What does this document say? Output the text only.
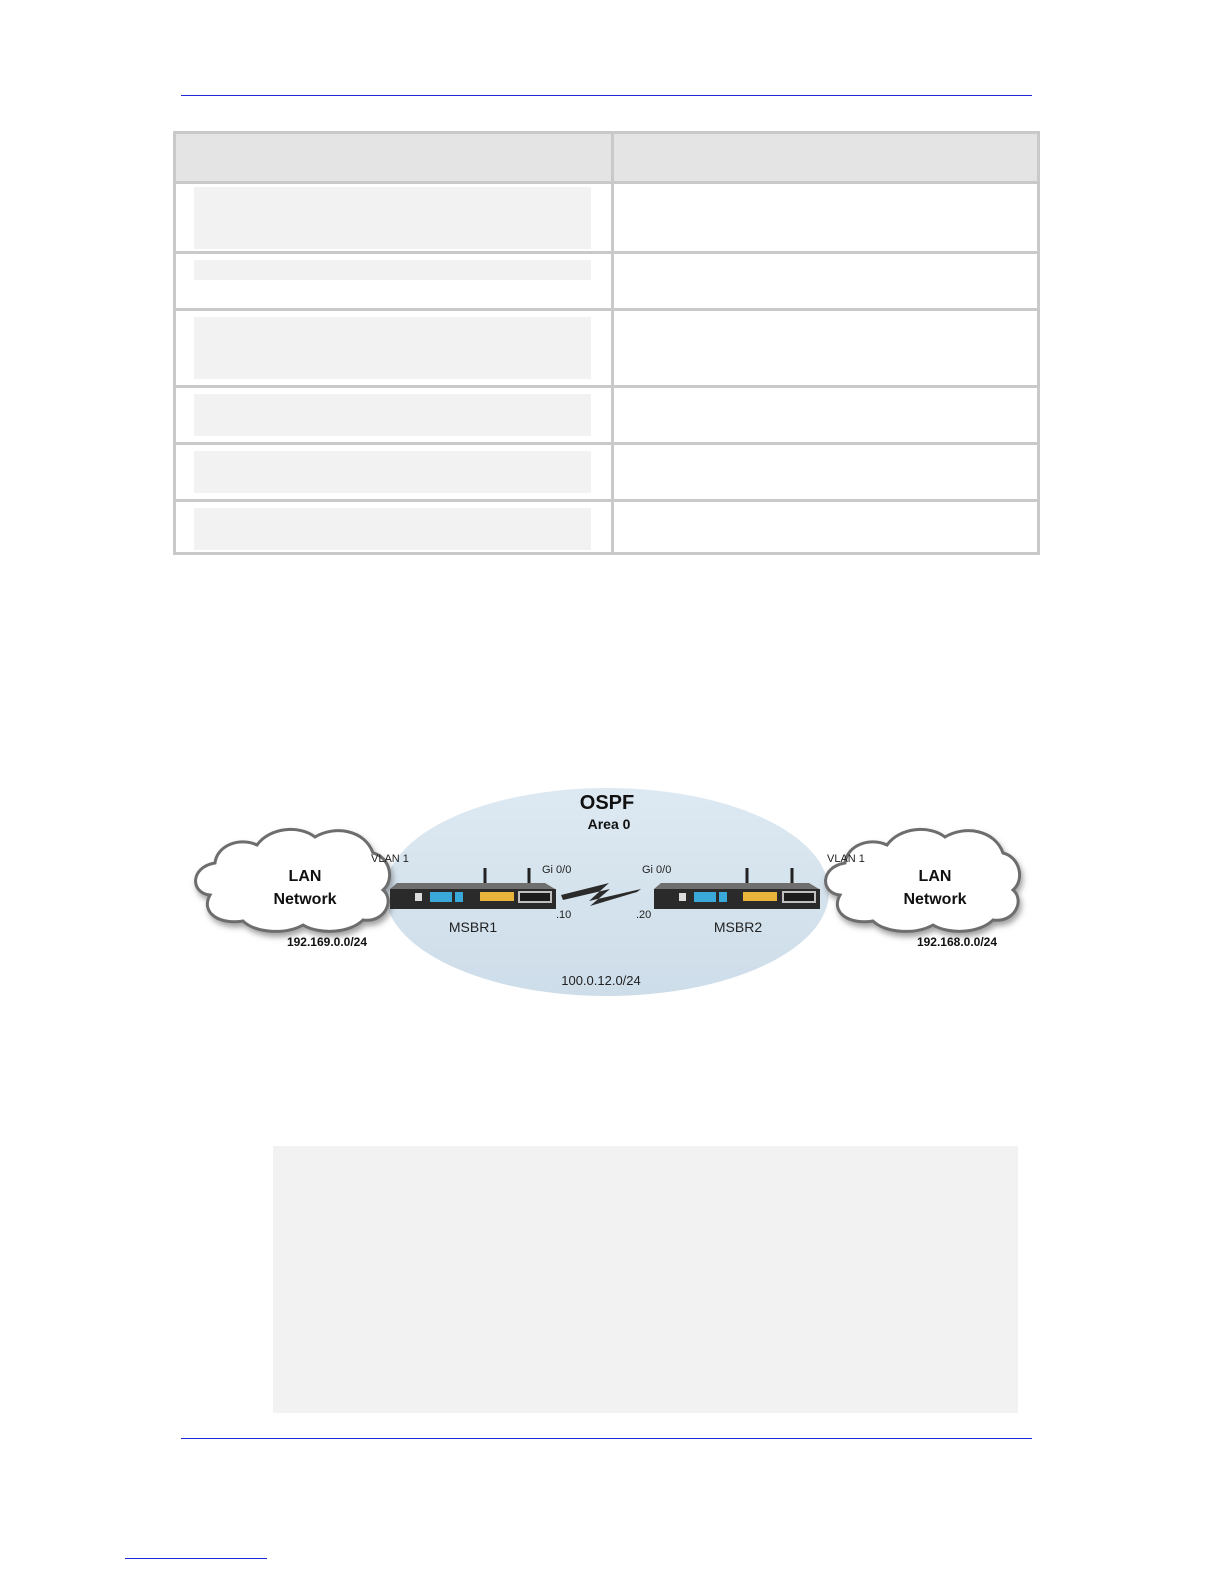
LAN
Network
192.169.0.0/24
LAN
Network
192.168.0.0/24
OSPF
Area 0
MSBR1	MSBR2
VLAN 1	VLAN 1
Gi 0/0	Gi 0/0
.10	.20
100.0.12.0/24
